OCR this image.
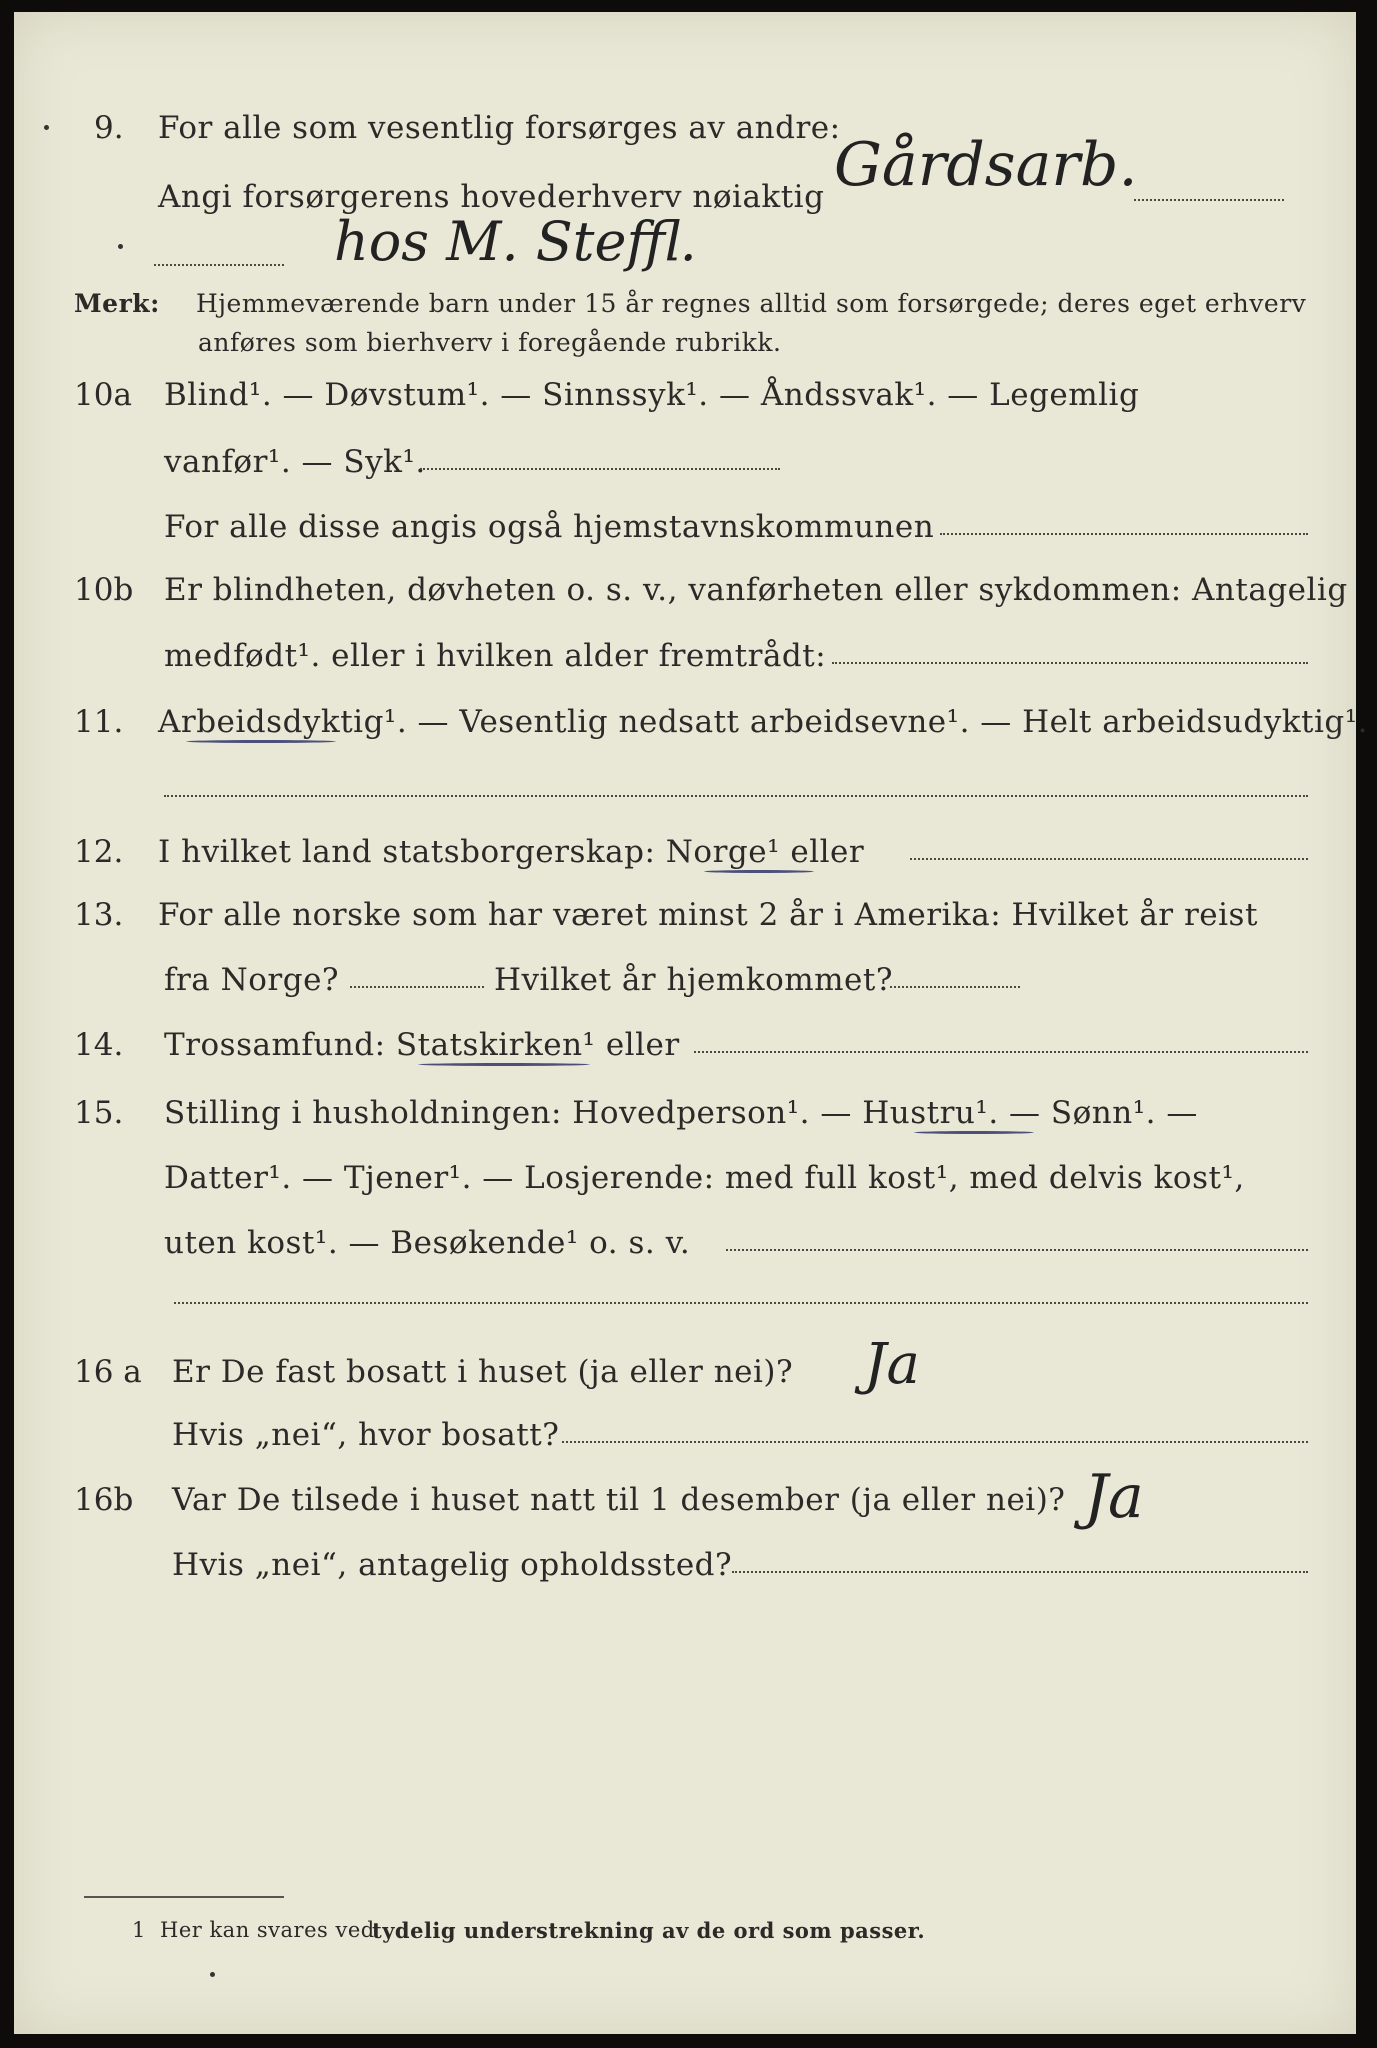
9. For alle som vesentlig forsørges av andre:
Gårdsarb.
Angi forsørgerens hovederhverv nøiaktig
hos M. Steffl.
Merk: Hjemmeværende barn under 15 år regnes alltid som forsørgede; deres eget erhverv
anføres som bierhverv i foregående rubrikk.
10a Blind¹. — Døvstum¹. — Sinnssyk¹. — Åndssvak¹. — Legemlig
vanfør¹. — Syk¹.
For alle disse angis også hjemstavnskommunen
10b Er blindheten, døvheten o. s. v., vanførheten eller sykdommen: Antagelig
medfødt¹. eller i hvilken alder fremtrådt:
11. Arbeidsdyktig¹. — Vesentlig nedsatt arbeidsevne¹. — Helt arbeidsudyktig¹.
12. I hvilket land statsborgerskap: Norge¹ eller
13. For alle norske som har været minst 2 år i Amerika: Hvilket år reist
fra Norge?	Hvilket år hjemkommet?
14. Trossamfund: Statskirken¹ eller
15. Stilling i husholdningen: Hovedperson¹. — Hustru¹. — Sønn¹. —
Datter¹. — Tjener¹. — Losjerende: med full kost¹, med delvis kost¹,
uten kost¹. — Besøkende¹ o. s. v.
16 a Er De fast bosatt i huset (ja eller nei)? Ja
Hvis „nei“, hvor bosatt?
16b Var De tilsede i huset natt til 1 desember (ja eller nei)? Ja
Hvis „nei“, antagelig opholdssted?
1 Her kan svares ved
tydelig understrekning av de ord som passer.
